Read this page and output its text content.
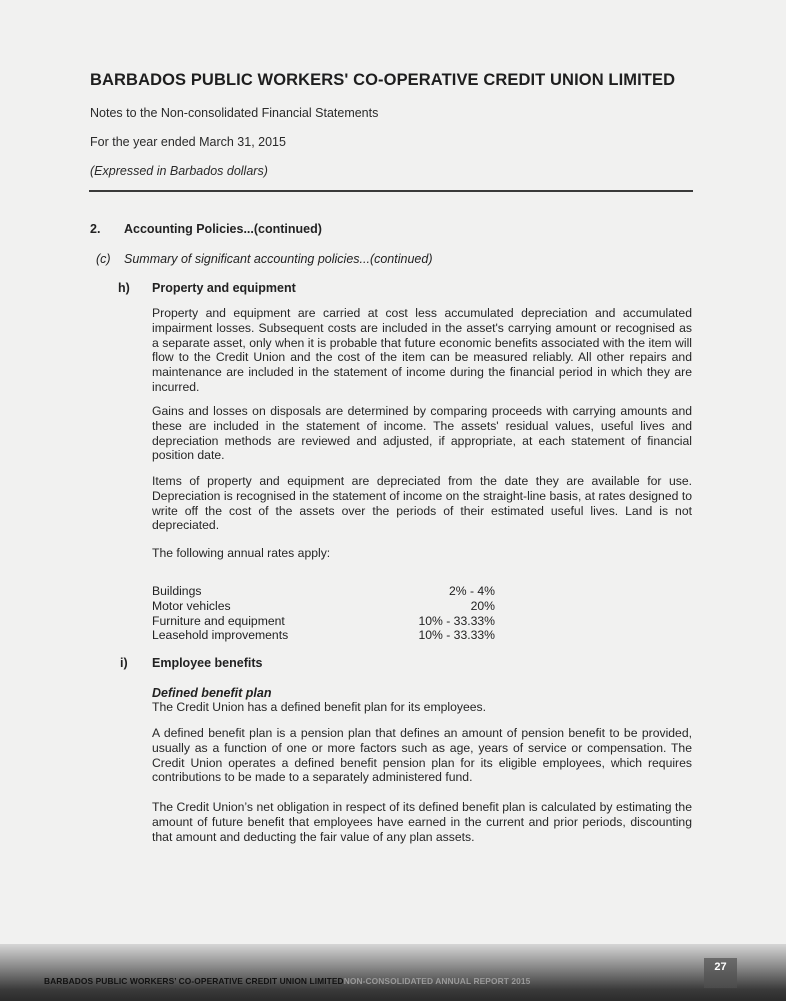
BARBADOS PUBLIC WORKERS' CO-OPERATIVE CREDIT UNION LIMITED
Notes to the Non-consolidated Financial Statements
For the year ended March 31, 2015
(Expressed in Barbados dollars)
2. Accounting Policies...(continued)
(c) Summary of significant accounting policies...(continued)
h) Property and equipment
Property and equipment are carried at cost less accumulated depreciation and accumulated impairment losses. Subsequent costs are included in the asset's carrying amount or recognised as a separate asset, only when it is probable that future economic benefits associated with the item will flow to the Credit Union and the cost of the item can be measured reliably. All other repairs and maintenance are included in the statement of income during the financial period in which they are incurred.
Gains and losses on disposals are determined by comparing proceeds with carrying amounts and these are included in the statement of income. The assets' residual values, useful lives and depreciation methods are reviewed and adjusted, if appropriate, at each statement of financial position date.
Items of property and equipment are depreciated from the date they are available for use. Depreciation is recognised in the statement of income on the straight-line basis, at rates designed to write off the cost of the assets over the periods of their estimated useful lives. Land is not depreciated.
The following annual rates apply:
Buildings	2% - 4%
Motor vehicles	20%
Furniture and equipment	10% - 33.33%
Leasehold improvements	10% - 33.33%
i) Employee benefits
Defined benefit plan
The Credit Union has a defined benefit plan for its employees.
A defined benefit plan is a pension plan that defines an amount of pension benefit to be provided, usually as a function of one or more factors such as age, years of service or compensation. The Credit Union operates a defined benefit pension plan for its eligible employees, which requires contributions to be made to a separately administered fund.
The Credit Union’s net obligation in respect of its defined benefit plan is calculated by estimating the amount of future benefit that employees have earned in the current and prior periods, discounting that amount and deducting the fair value of any plan assets.
BARBADOS PUBLIC WORKERS’ CO-OPERATIVE CREDIT UNION LIMITEDNON-CONSOLIDATED ANNUAL REPORT 2015
27
